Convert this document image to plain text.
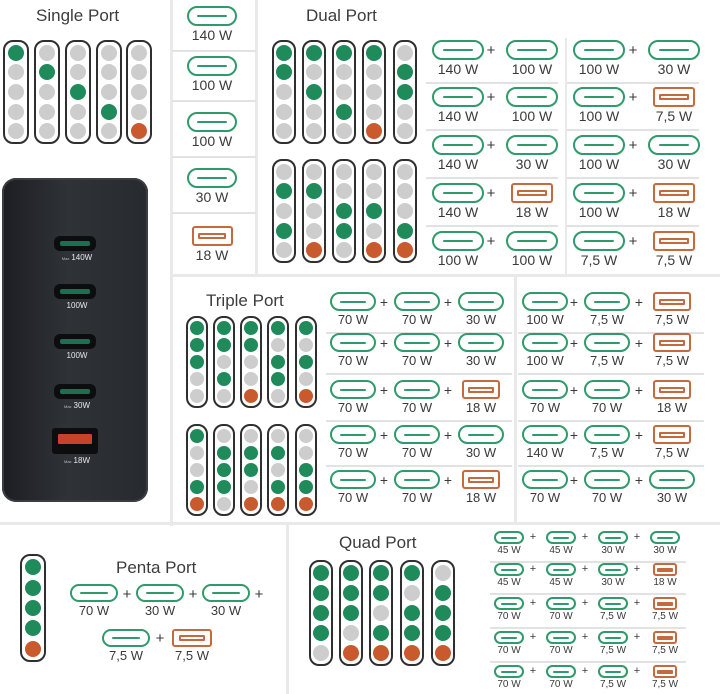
Single Port	Dual Port
Triple Port
Quad Port
Penta Port
Max 140W
100W
100W
Max 30W
Max 18W
140 W
100 W
100 W
30 W
18 W
140 W
+
100 W
140 W
+
100 W
140 W
+
30 W
140 W
+
18 W
100 W
+
100 W
100 W
+
30 W
100 W
+
7,5 W
100 W
+
30 W
100 W
+
18 W
7,5 W
+
7,5 W
70 W
+
70 W
+
30 W
70 W
+
70 W
+
30 W
70 W
+
70 W
+
18 W
70 W
+
70 W
+
30 W
70 W
+
70 W
+
18 W
100 W
+
7,5 W
+
7,5 W
100 W
+
7,5 W
+
7,5 W
70 W
+
70 W
+
18 W
140 W
+
7,5 W
+
7,5 W
70 W
+
70 W
+
30 W
45 W
+
45 W
+
30 W
+
30 W
45 W
+
45 W
+
30 W
+
18 W
70 W
+
70 W
+
7,5 W
+
7,5 W
70 W
+
70 W
+
7,5 W
+
7,5 W
70 W
+
70 W
+
7,5 W
+
7,5 W
70 W
+
30 W
+
30 W
+
7,5 W
+
7,5 W
